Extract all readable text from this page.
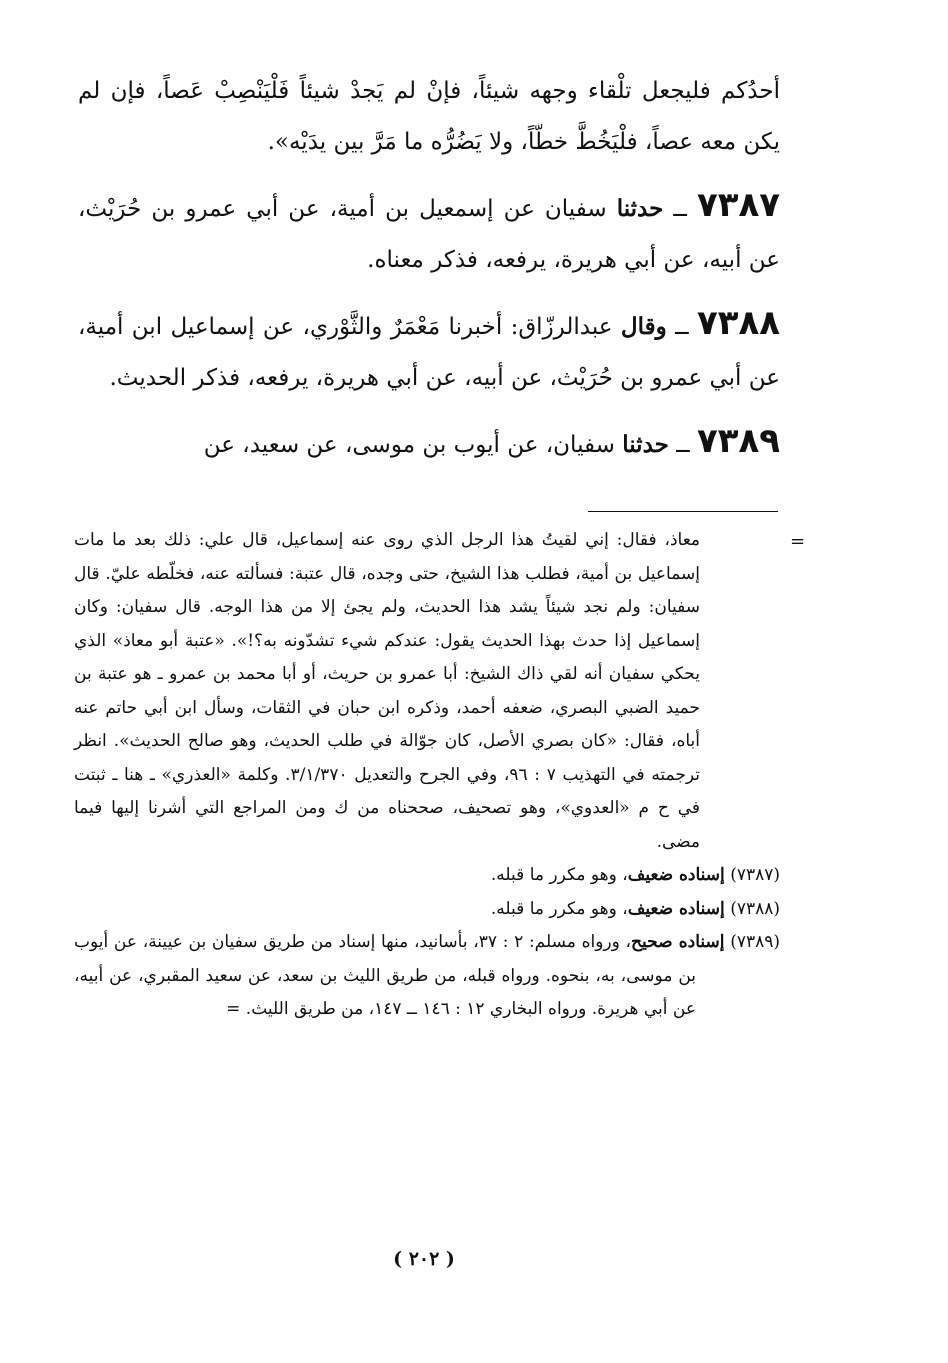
أحدُكم فليجعل تلْقاء وجهه شيئاً، فإنْ لم يَجدْ شيئاً فَلْيَنْصِبْ عَصاً، فإن لم يكن معه عصاً، فلْيَخُطَّ خطّاً، ولا يَضُرُّه ما مَرَّ بين يدَيْه».

٧٣٨٧ ــ حدثنا سفيان عن إسمعيل بن أمية، عن أبي عمرو بن حُرَيْث، عن أبيه، عن أبي هريرة، يرفعه، فذكر معناه.

٧٣٨٨ ــ وقال عبدالرزّاق: أخبرنا مَعْمَرٌ والثَّوْري، عن إسماعيل ابن أمية، عن أبي عمرو بن حُرَيْث، عن أبيه، عن أبي هريرة، يرفعه، فذكر الحديث.

٧٣٨٩ ــ حدثنا سفيان، عن أيوب بن موسى، عن سعيد، عن

=

معاذ، فقال: إني لقيتُ هذا الرجل الذي روى عنه إسماعيل، قال علي: ذلك بعد ما مات إسماعيل بن أمية، فطلب هذا الشيخ، حتى وجده، قال عتبة: فسألته عنه، فخلّطه عليّ. قال سفيان: ولم نجد شيئاً يشد هذا الحديث، ولم يجئ إلا من هذا الوجه. قال سفيان: وكان إسماعيل إذا حدث بهذا الحديث يقول: عندكم شيء تشدّونه به؟!». «عتبة أبو معاذ» الذي يحكي سفيان أنه لقي ذاك الشيخ: أبا عمرو بن حريث، أو أبا محمد بن عمرو ـ هو عتبة بن حميد الضبي البصري، ضعفه أحمد، وذكره ابن حبان في الثقات، وسأل ابن أبي حاتم عنه أباه، فقال: «كان بصري الأصل، كان جوّالة في طلب الحديث، وهو صالح الحديث». انظر ترجمته في التهذيب ٧ : ٩٦، وفي الجرح والتعديل ٣/١/٣٧٠. وكلمة «العذري» ـ هنا ـ ثبتت في ح م «العدوي»، وهو تصحيف، صححناه من ك ومن المراجع التي أشرنا إليها فيما مضى.

(٧٣٨٧) إسناده ضعيف، وهو مكرر ما قبله.

(٧٣٨٨) إسناده ضعيف، وهو مكرر ما قبله.

(٧٣٨٩) إسناده صحيح، ورواه مسلم: ٢ : ٣٧، بأسانيد، منها إسناد من طريق سفيان بن عيينة، عن أيوب بن موسى، به، بنحوه. ورواه قبله، من طريق الليث بن سعد، عن سعيد المقبري، عن أبيه، عن أبي هريرة. ورواه البخاري ١٢ : ١٤٦ ــ ١٤٧، من طريق الليث. =

( ٢٠٢ )
